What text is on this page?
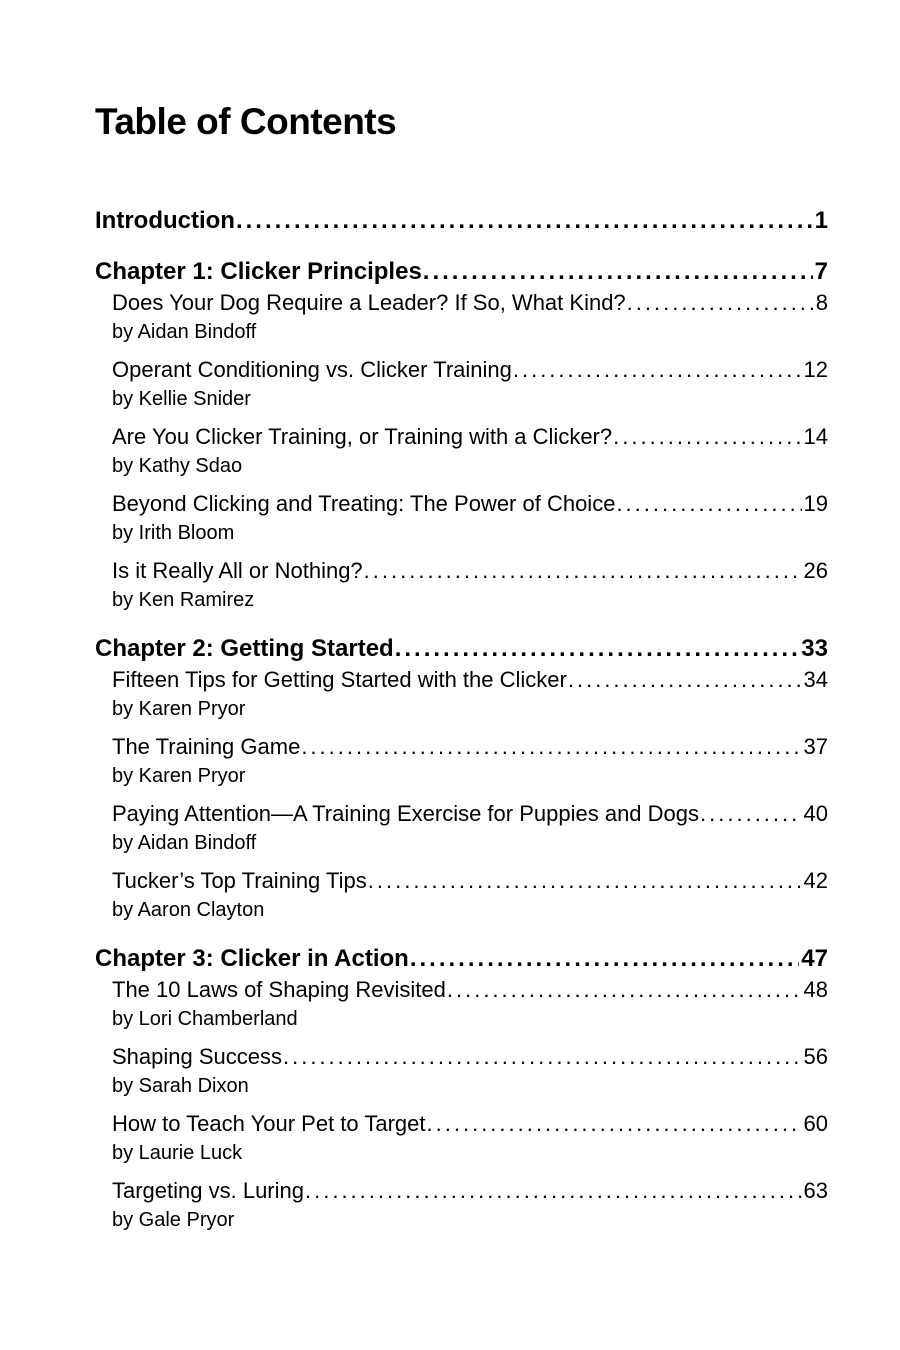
Table of Contents
Introduction .....	1
Chapter 1: Clicker Principles .....	7
Does Your Dog Require a Leader? If So, What Kind? .....	8
by Aidan Bindoff
Operant Conditioning vs. Clicker Training .....	12
by Kellie Snider
Are You Clicker Training, or Training with a Clicker? .....	14
by Kathy Sdao
Beyond Clicking and Treating: The Power of Choice .....	19
by Irith Bloom
Is it Really All or Nothing? .....	26
by Ken Ramirez
Chapter 2: Getting Started .....	33
Fifteen Tips for Getting Started with the Clicker .....	34
by Karen Pryor
The Training Game .....	37
by Karen Pryor
Paying Attention—A Training Exercise for Puppies and Dogs .....	40
by Aidan Bindoff
Tucker’s Top Training Tips .....	42
by Aaron Clayton
Chapter 3: Clicker in Action .....	47
The 10 Laws of Shaping Revisited .....	48
by Lori Chamberland
Shaping Success .....	56
by Sarah Dixon
How to Teach Your Pet to Target .....	60
by Laurie Luck
Targeting vs. Luring .....	63
by Gale Pryor
